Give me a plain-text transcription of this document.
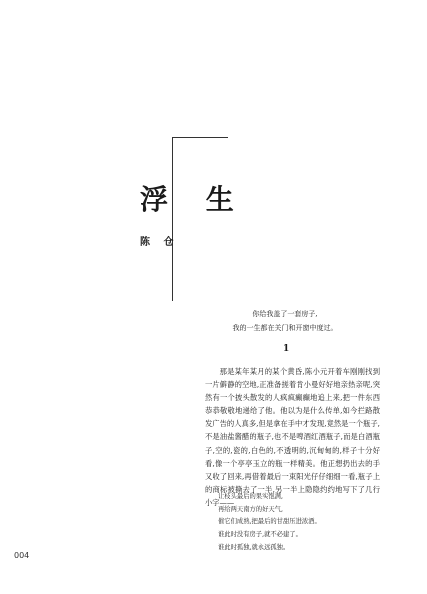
浮 生
陈 仓
你给我盖了一套房子,
我的一生都在关门和开窗中度过。
1

那是某年某月的某个黄昏,陈小元开着车刚刚找到一片僻静的空地,正准备搓着肯小曼好好地亲热亲呢,突然有一个披头散发的人疯疯癫癫地追上来,把一件东西恭恭敬敬地递给了他。他以为是什么传单,如今拦路散发广告的人真多,但是拿在手中才发现,竟然是一个瓶子,不是油盐酱醋的瓶子,也不是啤酒红酒瓶子,而是白酒瓶子,空的,瓷的,白色的,不透明的,沉甸甸的,样子十分好看,像一个亭亭玉立的瓶一样精美。他正想扔出去的手又收了回来,再借着最后一束阳光仔仔细细一看,瓶子上的商标被撕去了一半,另一半上隐隐约约地写下了几行小字——

让枝头最后的果实饱满,
再给两天南方的好天气,
催它们成熟,把最后的甘甜压进浓酒。
谁此时没有房子,就不必建了。
谁此时孤独,就永远孤独。
004
